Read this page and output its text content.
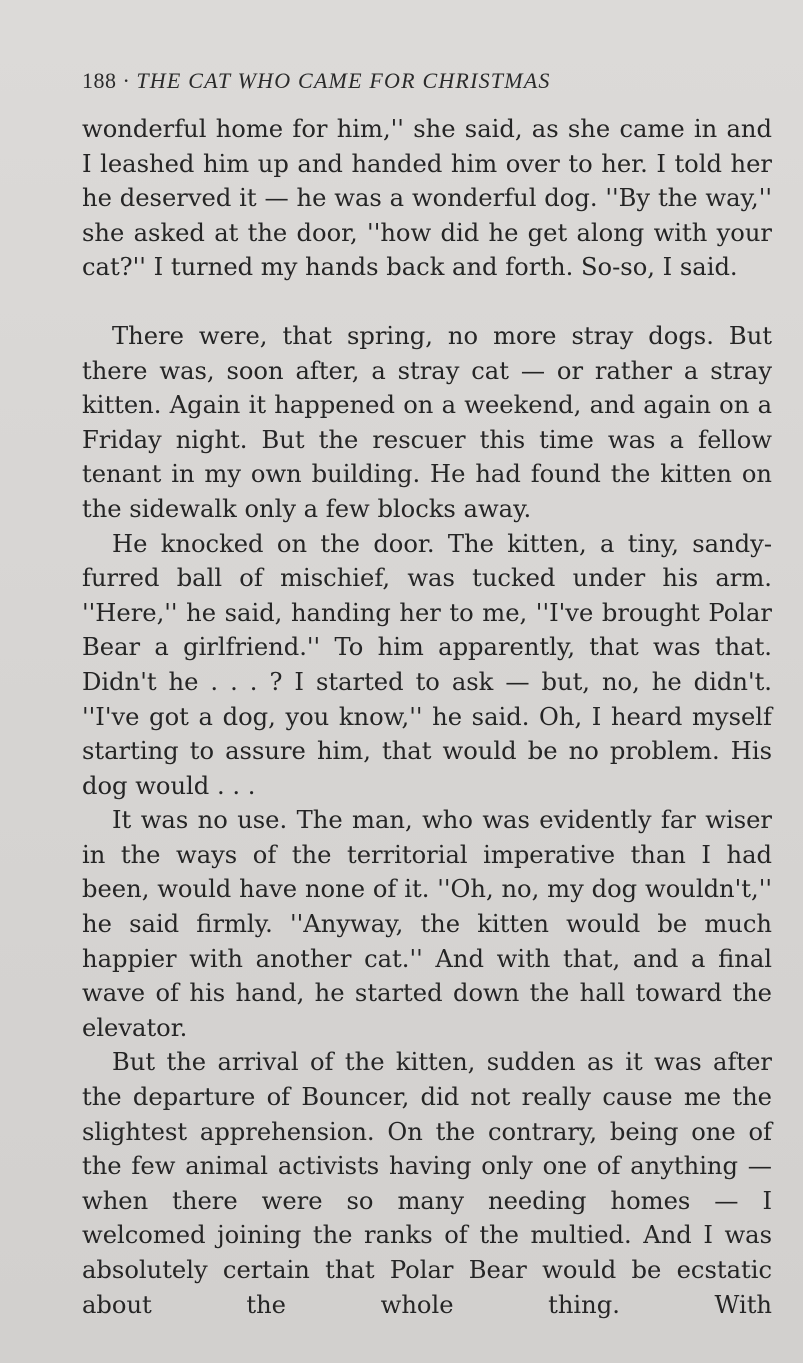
188 · THE CAT WHO CAME FOR CHRISTMAS

wonderful home for him,'' she said, as she came in and I leashed him up and handed him over to her. I told her he deserved it — he was a wonderful dog. ''By the way,'' she asked at the door, ''how did he get along with your cat?'' I turned my hands back and forth. So-so, I said.

There were, that spring, no more stray dogs. But there was, soon after, a stray cat — or rather a stray kitten. Again it happened on a weekend, and again on a Friday night. But the rescuer this time was a fellow tenant in my own building. He had found the kitten on the sidewalk only a few blocks away.

He knocked on the door. The kitten, a tiny, sandy-furred ball of mischief, was tucked under his arm. ''Here,'' he said, handing her to me, ''I've brought Polar Bear a girlfriend.'' To him apparently, that was that. Didn't he . . . ? I started to ask — but, no, he didn't. ''I've got a dog, you know,'' he said. Oh, I heard myself starting to assure him, that would be no problem. His dog would . . .

It was no use. The man, who was evidently far wiser in the ways of the territorial imperative than I had been, would have none of it. ''Oh, no, my dog wouldn't,'' he said firmly. ''Anyway, the kitten would be much happier with another cat.'' And with that, and a final wave of his hand, he started down the hall toward the elevator.

But the arrival of the kitten, sudden as it was after the departure of Bouncer, did not really cause me the slightest apprehension. On the contrary, being one of the few animal activists having only one of anything — when there were so many needing homes — I welcomed joining the ranks of the multied. And I was absolutely certain that Polar Bear would be ecstatic about the whole thing. With
